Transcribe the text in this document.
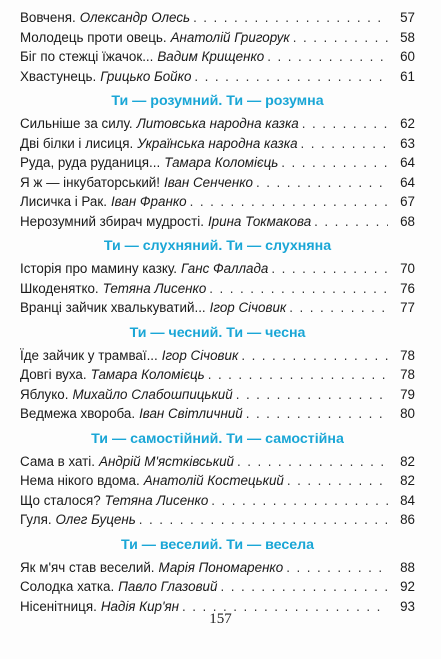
Вовченя. Олександр Олесь . . .	57
Молодець проти овець. Анатолій Григорук . . .	58
Біг по стежці їжачок... Вадим Крищенко . . .	60
Хвастунець. Грицько Бойко . . .	61
Ти — розумний. Ти — розумна
Сильніше за силу. Литовська народна казка . . .	62
Дві білки і лисиця. Українська народна казка . . .	63
Руда, руда руданиця... Тамара Коломієць . . .	64
Я ж — інкубаторський! Іван Сенченко . . .	64
Лисичка і Рак. Іван Франко . . .	67
Нерозумний збирач мудрості. Ірина Токмакова . . .	68
Ти — слухняний. Ти — слухняна
Історія про мамину казку. Ганс Фаллада . . .	70
Шкоденятко. Тетяна Лисенко . . .	76
Вранці зайчик хвалькуватий... Ігор Січовик . . .	77
Ти — чесний. Ти — чесна
Їде зайчик у трамваї... Ігор Січовик . . .	78
Довгі вуха. Тамара Коломієць . . .	78
Яблуко. Михайло Слабошпицький . . .	79
Ведмежа хвороба. Іван Світличний . . .	80
Ти — самостійний. Ти — самостійна
Сама в хаті. Андрій М'ястківський . . .	82
Нема нікого вдома. Анатолій Костецький . . .	82
Що сталося? Тетяна Лисенко . . .	84
Гуля. Олег Буцень . . .	86
Ти — веселий. Ти — весела
Як м'яч став веселий. Марія Пономаренко . . .	88
Солодка хатка. Павло Глазовий . . .	92
Нісенітниця. Надія Кир'ян . . .	93
157
